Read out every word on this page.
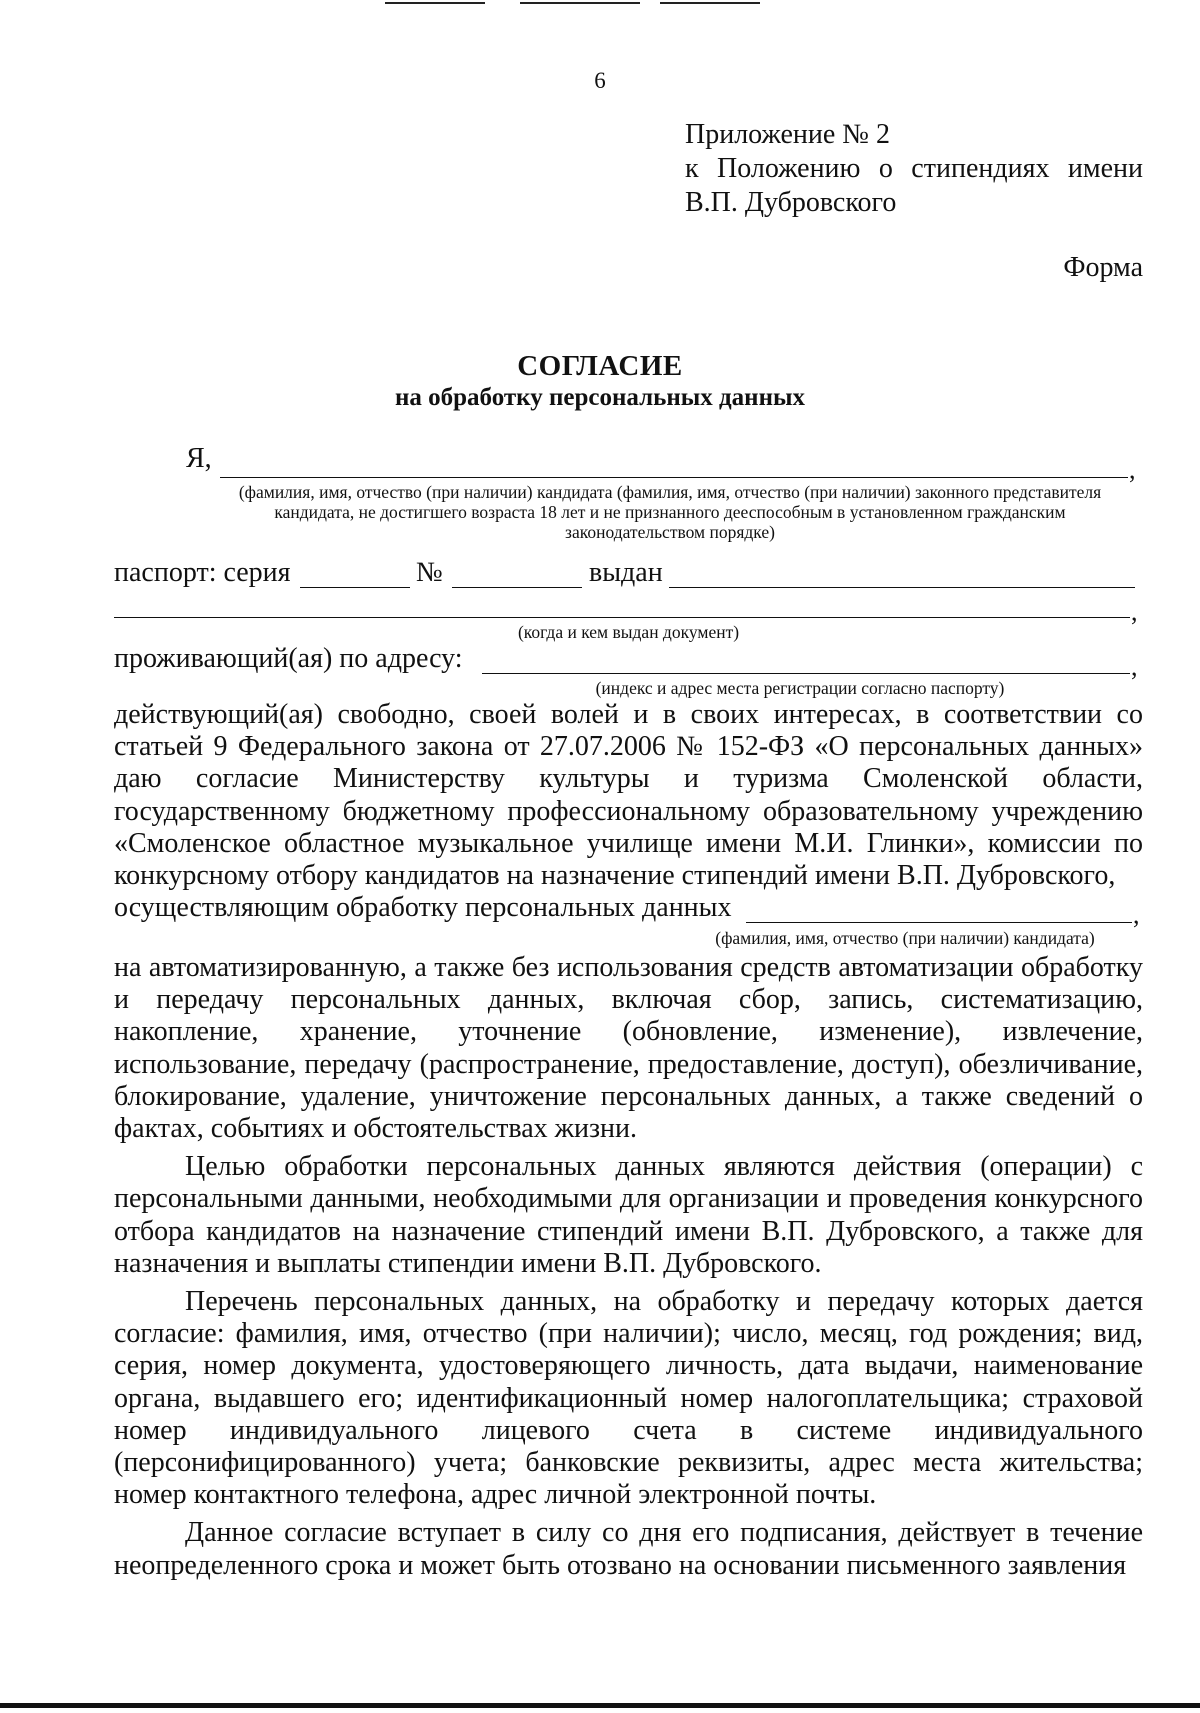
6
Приложение № 2
к Положению о стипендиях имени
В.П. Дубровского
Форма
СОГЛАСИЕ
на обработку персональных данных
Я,	,
(фамилия, имя, отчество (при наличии) кандидата (фамилия, имя, отчество (при наличии) законного представителя кандидата, не достигшего возраста 18 лет и не признанного дееспособным в установленном гражданским законодательством порядке)
паспорт: серия	№	выдан
,
(когда и кем выдан документ)
проживающий(ая) по адресу:	,
(индекс и адрес места регистрации согласно паспорту)

действующий(ая) свободно, своей волей и в своих интересах, в соответствии со статьей 9 Федерального закона от 27.07.2006 № 152-ФЗ «О персональных данных» даю согласие Министерству культуры и туризма Смоленской области, государственному бюджетному профессиональному образовательному учреждению «Смоленское областное музыкальное училище имени М.И. Глинки», комиссии по конкурсному отбору кандидатов на назначение стипендий имени В.П. Дубровского,

осуществляющим обработку персональных данных	,
(фамилия, имя, отчество (при наличии) кандидата)

на автоматизированную, а также без использования средств автоматизации обработку и передачу персональных данных, включая сбор, запись, систематизацию, накопление, хранение, уточнение (обновление, изменение), извлечение, использование, передачу (распространение, предоставление, доступ), обезличивание, блокирование, удаление, уничтожение персональных данных, а также сведений о фактах, событиях и обстоятельствах жизни.

Целью обработки персональных данных являются действия (операции) с персональными данными, необходимыми для организации и проведения конкурсного отбора кандидатов на назначение стипендий имени В.П. Дубровского, а также для назначения и выплаты стипендии имени В.П. Дубровского.

Перечень персональных данных, на обработку и передачу которых дается согласие: фамилия, имя, отчество (при наличии); число, месяц, год рождения; вид, серия, номер документа, удостоверяющего личность, дата выдачи, наименование органа, выдавшего его; идентификационный номер налогоплательщика; страховой номер индивидуального лицевого счета в системе индивидуального (персонифицированного) учета; банковские реквизиты, адрес места жительства; номер контактного телефона, адрес личной электронной почты.

Данное согласие вступает в силу со дня его подписания, действует в течение неопределенного срока и может быть отозвано на основании письменного заявления
